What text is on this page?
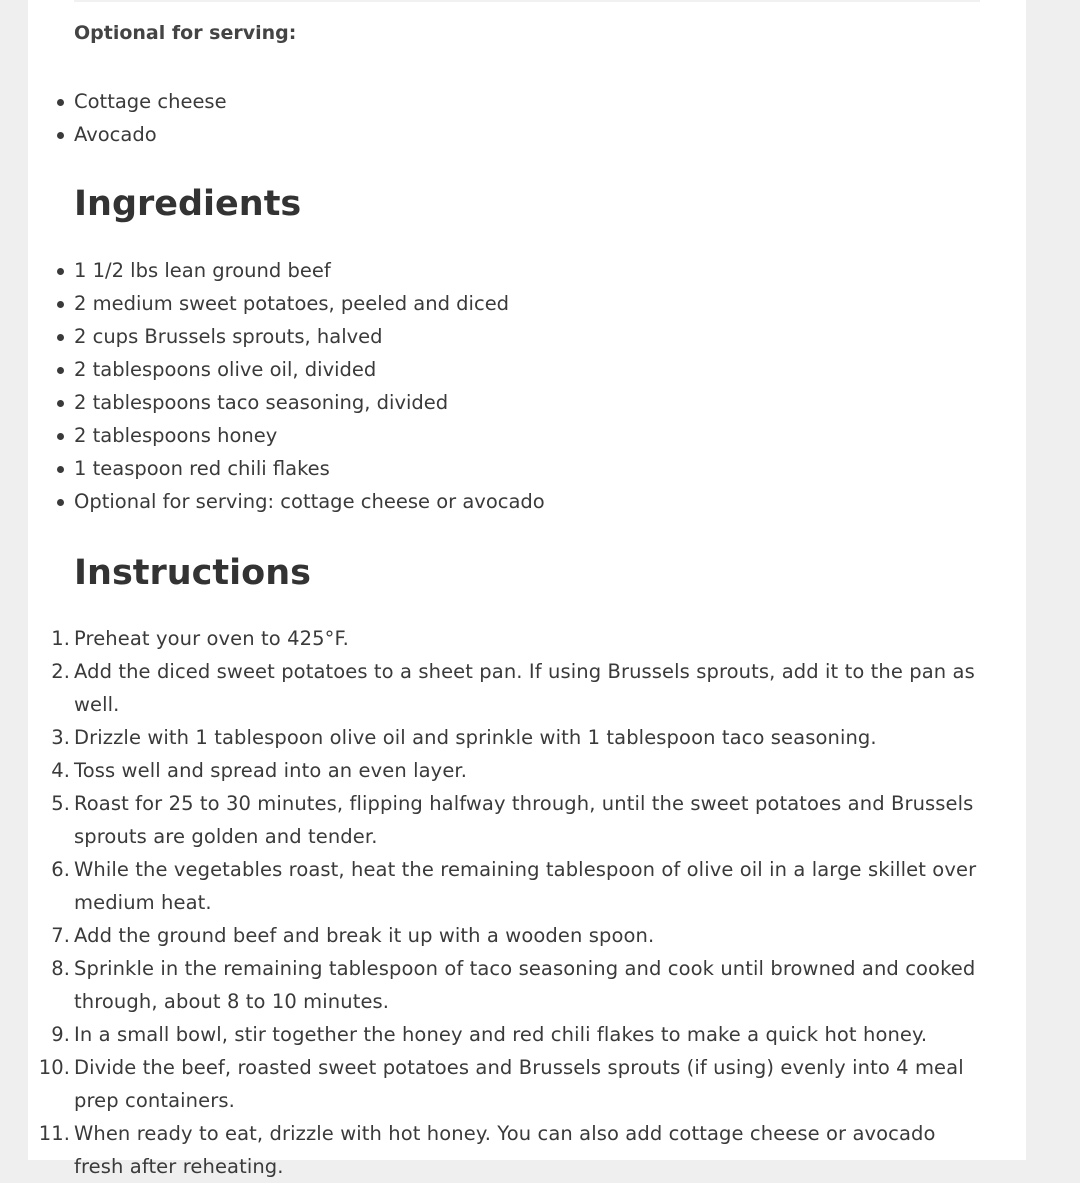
Optional for serving:

Cottage cheese
Avocado
Ingredients
1 1/2 lbs lean ground beef
2 medium sweet potatoes, peeled and diced
2 cups Brussels sprouts, halved
2 tablespoons olive oil, divided
2 tablespoons taco seasoning, divided
2 tablespoons honey
1 teaspoon red chili flakes
Optional for serving: cottage cheese or avocado
Instructions
1. Preheat your oven to 425°F.
2. Add the diced sweet potatoes to a sheet pan. If using Brussels sprouts, add it to the pan as well.
3. Drizzle with 1 tablespoon olive oil and sprinkle with 1 tablespoon taco seasoning.
4. Toss well and spread into an even layer.
5. Roast for 25 to 30 minutes, flipping halfway through, until the sweet potatoes and Brussels sprouts are golden and tender.
6. While the vegetables roast, heat the remaining tablespoon of olive oil in a large skillet over medium heat.
7. Add the ground beef and break it up with a wooden spoon.
8. Sprinkle in the remaining tablespoon of taco seasoning and cook until browned and cooked through, about 8 to 10 minutes.
9. In a small bowl, stir together the honey and red chili flakes to make a quick hot honey.
10. Divide the beef, roasted sweet potatoes and Brussels sprouts (if using) evenly into 4 meal prep containers.
11. When ready to eat, drizzle with hot honey. You can also add cottage cheese or avocado fresh after reheating.
